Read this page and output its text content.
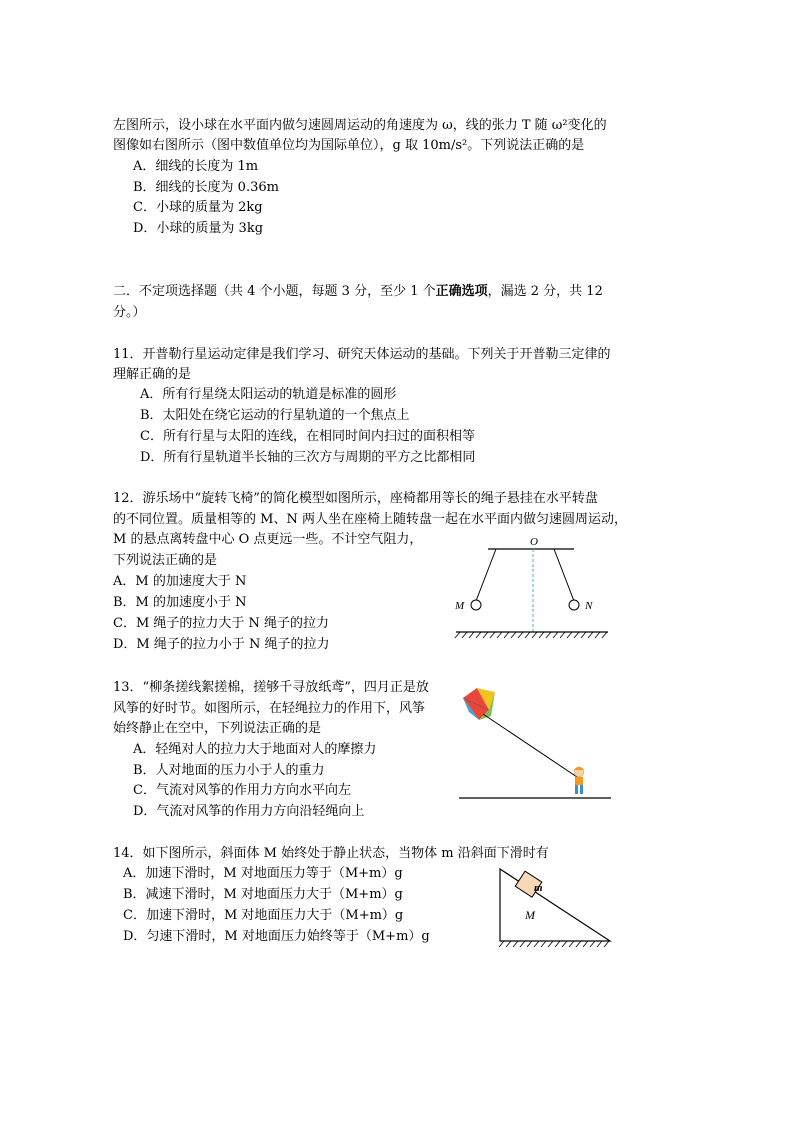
左图所示，设小球在水平面内做匀速圆周运动的角速度为 ω，线的张力 T 随 ω²变化的
图像如右图所示（图中数值单位均为国际单位），g 取 10m/s²。下列说法正确的是
A．细线的长度为 1m
B．细线的长度为 0.36m
C．小球的质量为 2kg
D．小球的质量为 3kg
二．不定项选择题（共 4 个小题，每题 3 分，至少 1 个正确选项，漏选 2 分，共 12
分。）
11．开普勒行星运动定律是我们学习、研究天体运动的基础。下列关于开普勒三定律的
理解正确的是
A．所有行星绕太阳运动的轨道是标准的圆形
B．太阳处在绕它运动的行星轨道的一个焦点上
C．所有行星与太阳的连线，在相同时间内扫过的面积相等
D．所有行星轨道半长轴的三次方与周期的平方之比都相同
12．游乐场中“旋转飞椅”的简化模型如图所示，座椅都用等长的绳子悬挂在水平转盘
的不同位置。质量相等的 M、N 两人坐在座椅上随转盘一起在水平面内做匀速圆周运动，
M 的悬点离转盘中心 O 点更远一些。不计空气阻力，
下列说法正确的是
A．M 的加速度大于 N
B．M 的加速度小于 N
C．M 绳子的拉力大于 N 绳子的拉力
D．M 绳子的拉力小于 N 绳子的拉力
O
M	N
13．“柳条搓线絮搓棉，搓够千寻放纸鸢”，四月正是放
风筝的好时节。如图所示，在轻绳拉力的作用下，风筝
始终静止在空中，下列说法正确的是
A．轻绳对人的拉力大于地面对人的摩擦力
B．人对地面的压力小于人的重力
C．气流对风筝的作用力方向水平向左
D．气流对风筝的作用力方向沿轻绳向上
14．如下图所示，斜面体 M 始终处于静止状态，当物体 m 沿斜面下滑时有
A．加速下滑时，M 对地面压力等于（M+m）g
B．减速下滑时，M 对地面压力大于（M+m）g
C．加速下滑时，M 对地面压力大于（M+m）g
D．匀速下滑时，M 对地面压力始终等于（M+m）g
m
M
